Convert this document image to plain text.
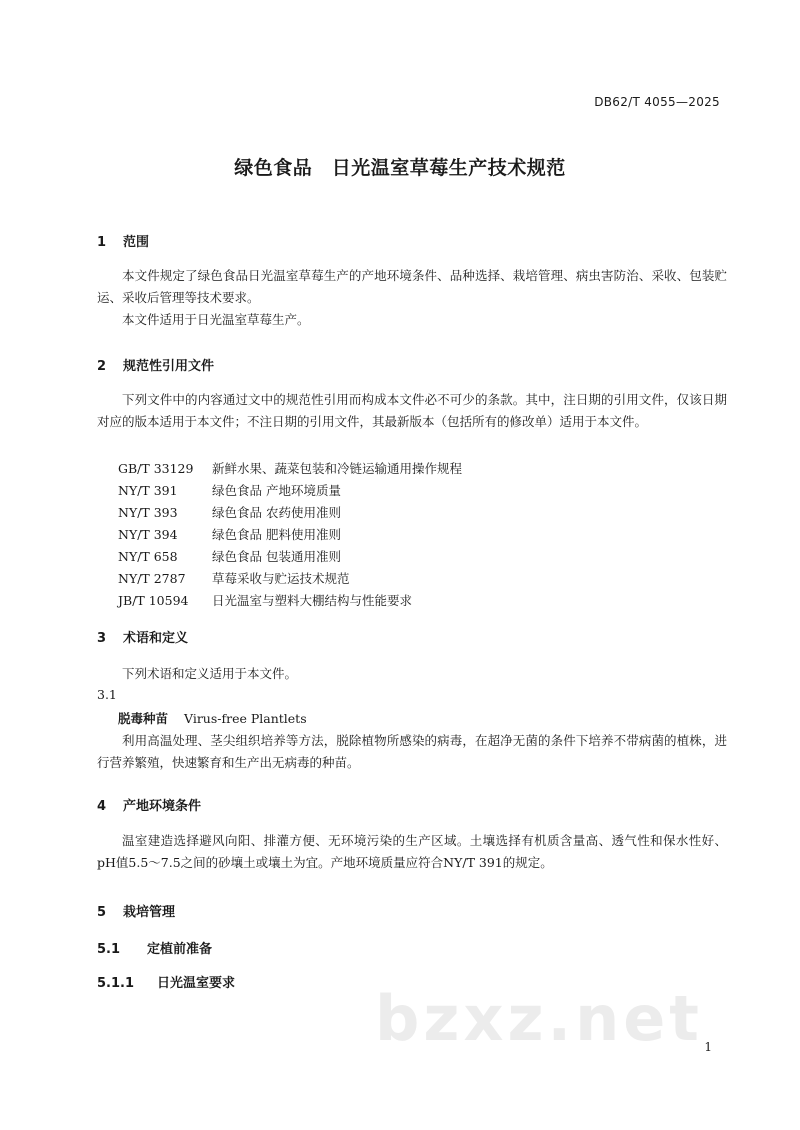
DB62/T 4055—2025
绿色食品　日光温室草莓生产技术规范
1 范围
本文件规定了绿色食品日光温室草莓生产的产地环境条件、品种选择、栽培管理、病虫害防治、采收、包装贮运、采收后管理等技术要求。
本文件适用于日光温室草莓生产。
2 规范性引用文件
下列文件中的内容通过文中的规范性引用而构成本文件必不可少的条款。其中，注日期的引用文件，仅该日期对应的版本适用于本文件；不注日期的引用文件，其最新版本（包括所有的修改单）适用于本文件。
GB/T 33129 新鲜水果、蔬菜包装和冷链运输通用操作规程
NY/T 391	绿色食品 产地环境质量
NY/T 393	绿色食品 农药使用准则
NY/T 394	绿色食品 肥料使用准则
NY/T 658	绿色食品 包装通用准则
NY/T 2787 草莓采收与贮运技术规范
JB/T 10594 日光温室与塑料大棚结构与性能要求
3 术语和定义
下列术语和定义适用于本文件。
3.1
脱毒种苗 Virus-free Plantlets
利用高温处理、茎尖组织培养等方法，脱除植物所感染的病毒，在超净无菌的条件下培养不带病菌的植株，进行营养繁殖，快速繁育和生产出无病毒的种苗。
4 产地环境条件
温室建造选择避风向阳、排灌方便、无环境污染的生产区域。土壤选择有机质含量高、透气性和保水性好、pH值5.5～7.5之间的砂壤土或壤土为宜。产地环境质量应符合NY/T 391的规定。
5 栽培管理
5.1 定植前准备
5.1.1 日光温室要求 bzxz.net 1
